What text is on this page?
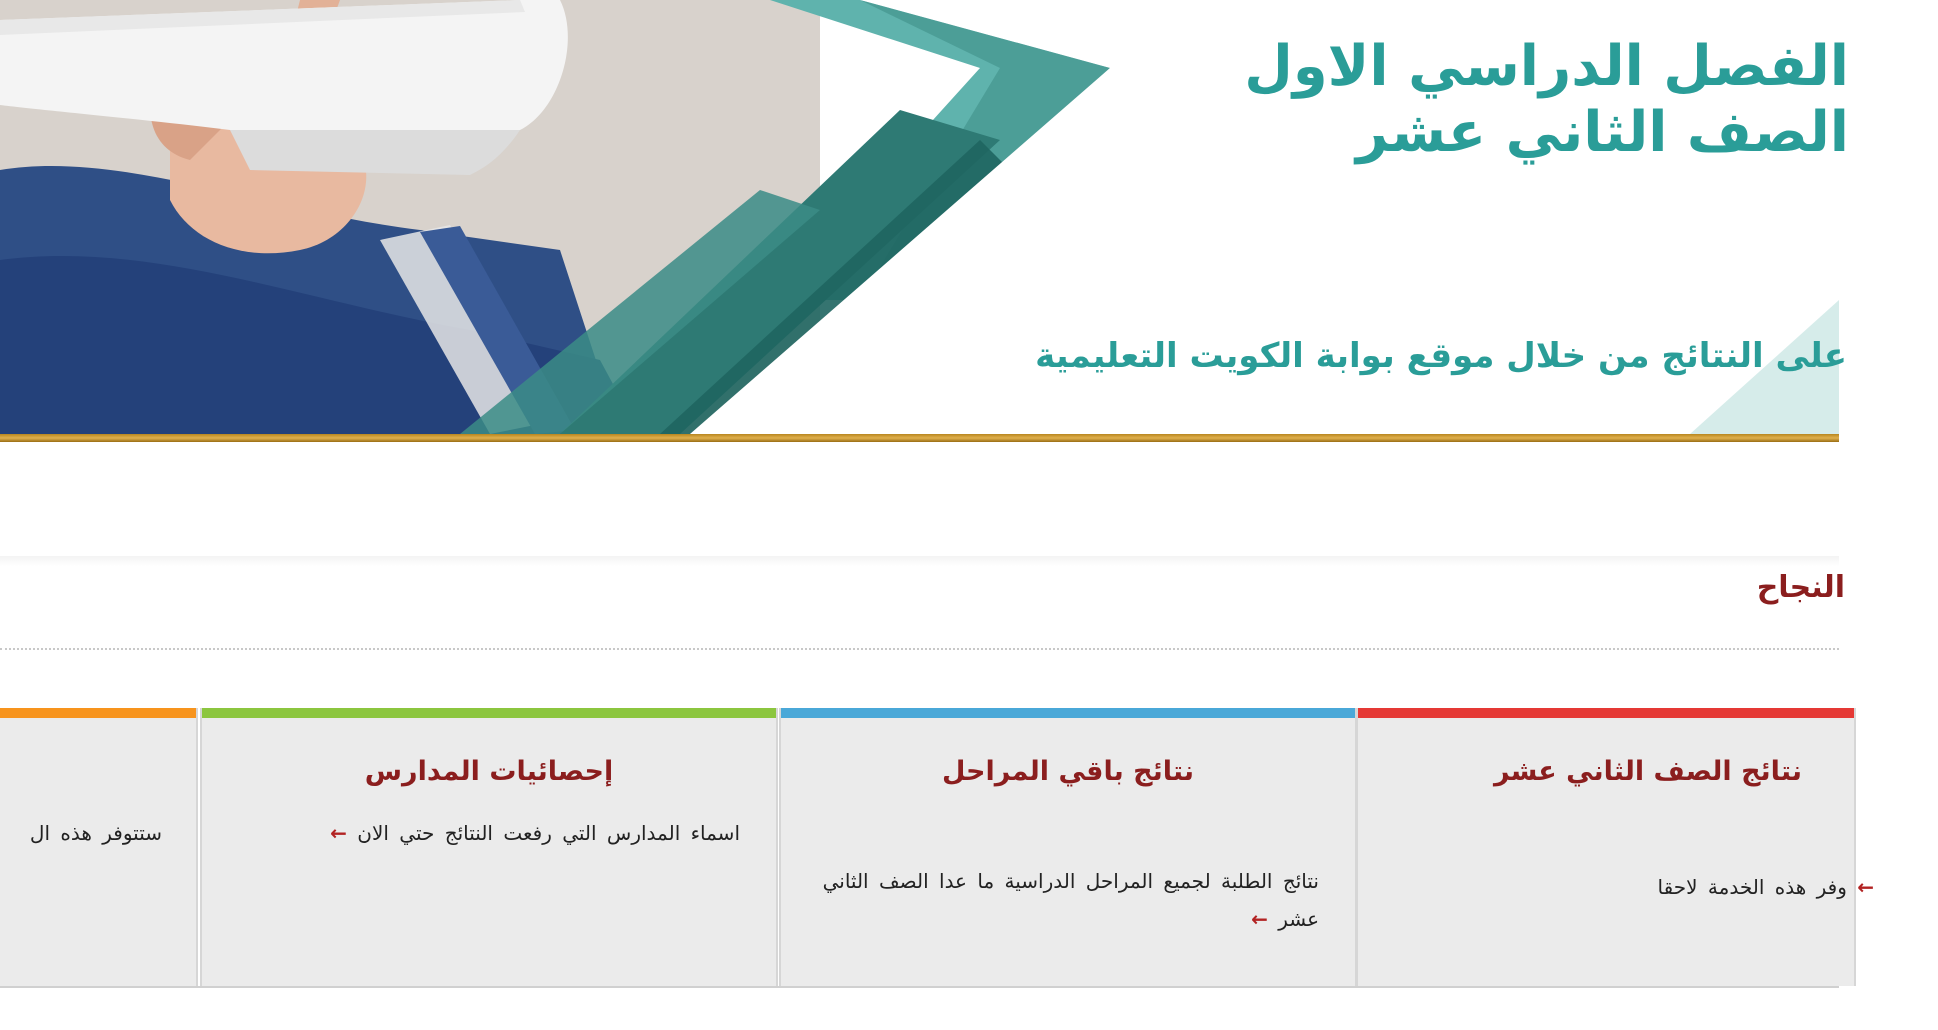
الفصل الدراسي الاول
الصف الثاني عشر
على النتائج من خلال موقع بوابة الكويت التعليمية
النجاح
نتائج الصف الثاني عشر
← وفر هذه الخدمة لاحقا
نتائج باقي المراحل
نتائج الطلبة لجميع المراحل الدراسية ما عدا الصف الثاني عشر ←
إحصائيات المدارس
اسماء المدارس التي رفعت النتائج حتي الان ←
ستتوفر هذه ال
